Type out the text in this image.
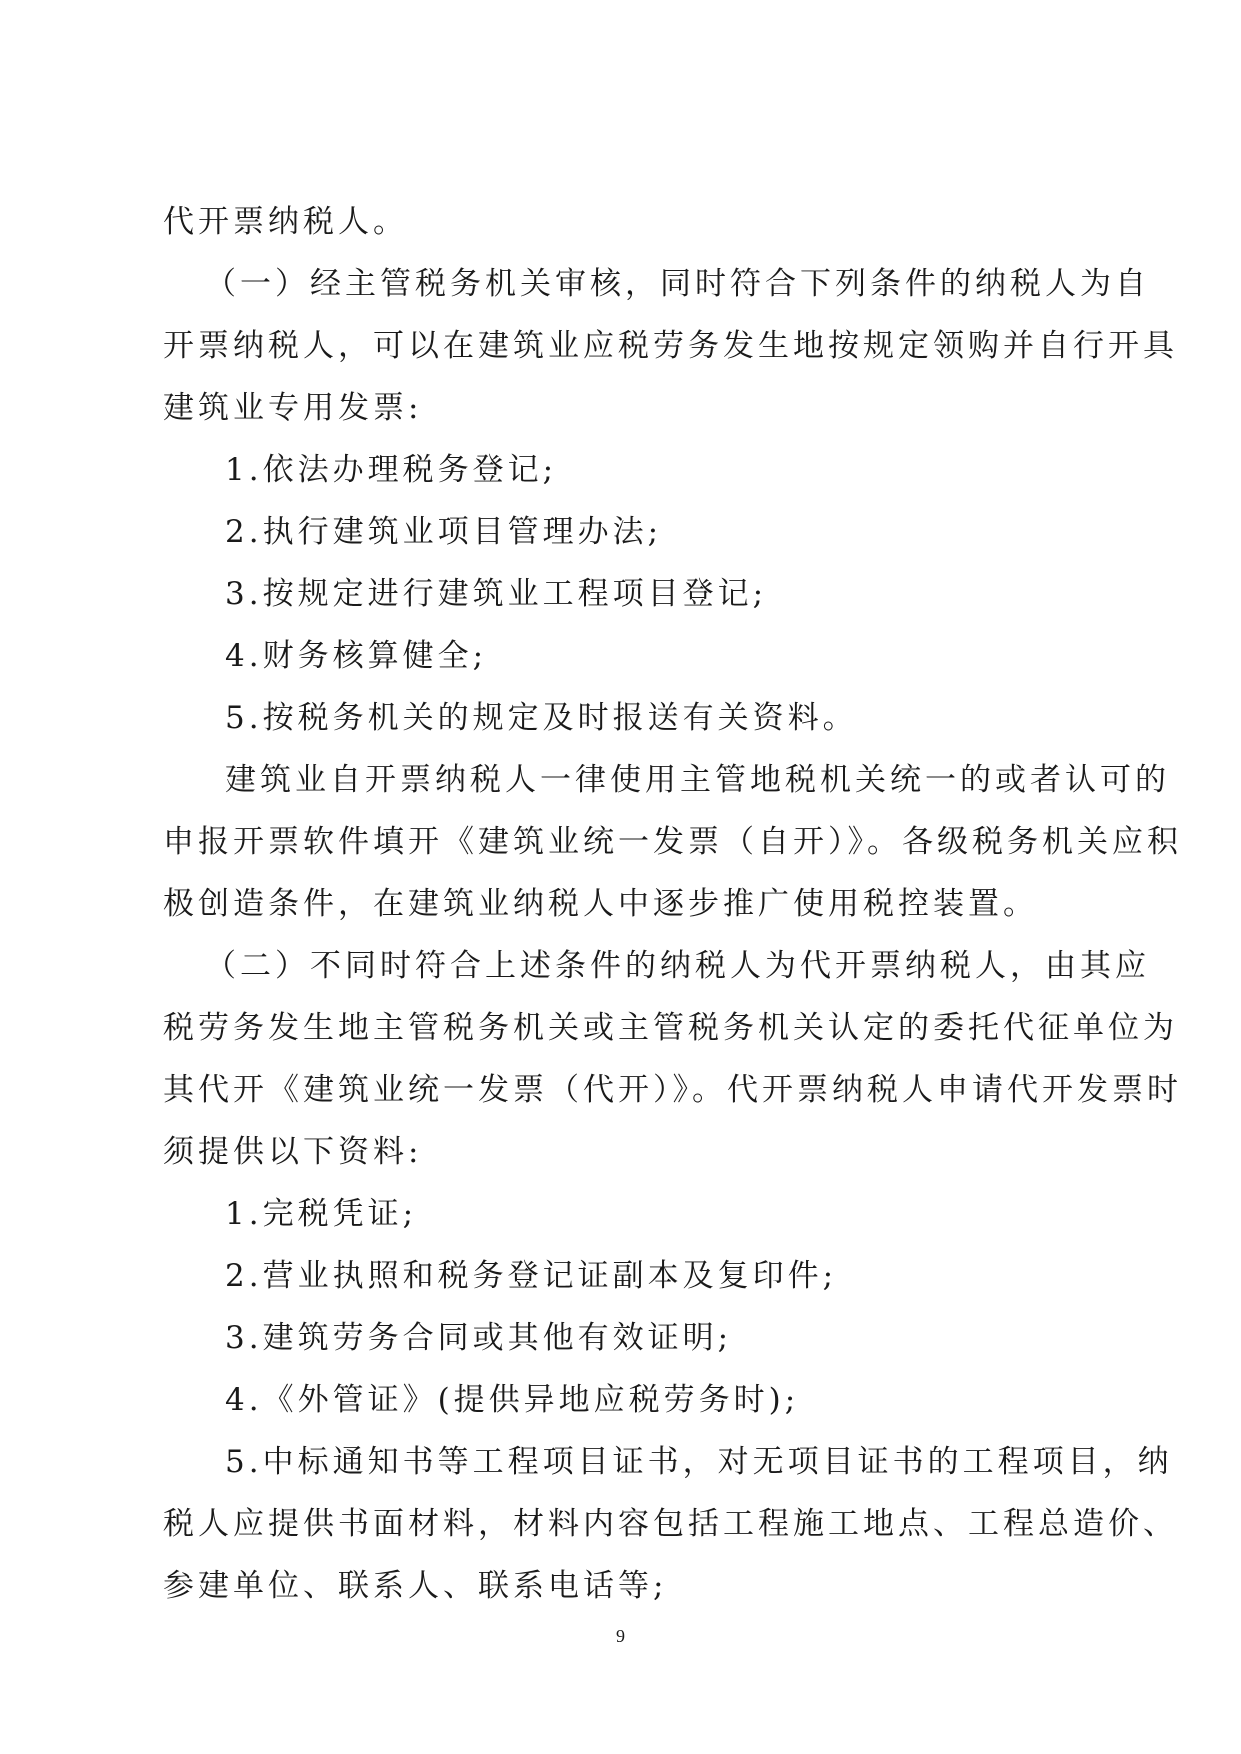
代开票纳税人。
（一）经主管税务机关审核，同时符合下列条件的纳税人为自
开票纳税人，可以在建筑业应税劳务发生地按规定领购并自行开具
建筑业专用发票:
1.依法办理税务登记;
2.执行建筑业项目管理办法;
3.按规定进行建筑业工程项目登记;
4.财务核算健全;
5.按税务机关的规定及时报送有关资料。
建筑业自开票纳税人一律使用主管地税机关统一的或者认可的
申报开票软件填开《建筑业统一发票（自开）》。各级税务机关应积
极创造条件，在建筑业纳税人中逐步推广使用税控装置。
（二）不同时符合上述条件的纳税人为代开票纳税人，由其应
税劳务发生地主管税务机关或主管税务机关认定的委托代征单位为
其代开《建筑业统一发票（代开）》。代开票纳税人申请代开发票时
须提供以下资料:
1.完税凭证;
2.营业执照和税务登记证副本及复印件;
3.建筑劳务合同或其他有效证明;
4.《外管证》(提供异地应税劳务时);
5.中标通知书等工程项目证书，对无项目证书的工程项目，纳
税人应提供书面材料，材料内容包括工程施工地点、工程总造价、
参建单位、联系人、联系电话等;
9
